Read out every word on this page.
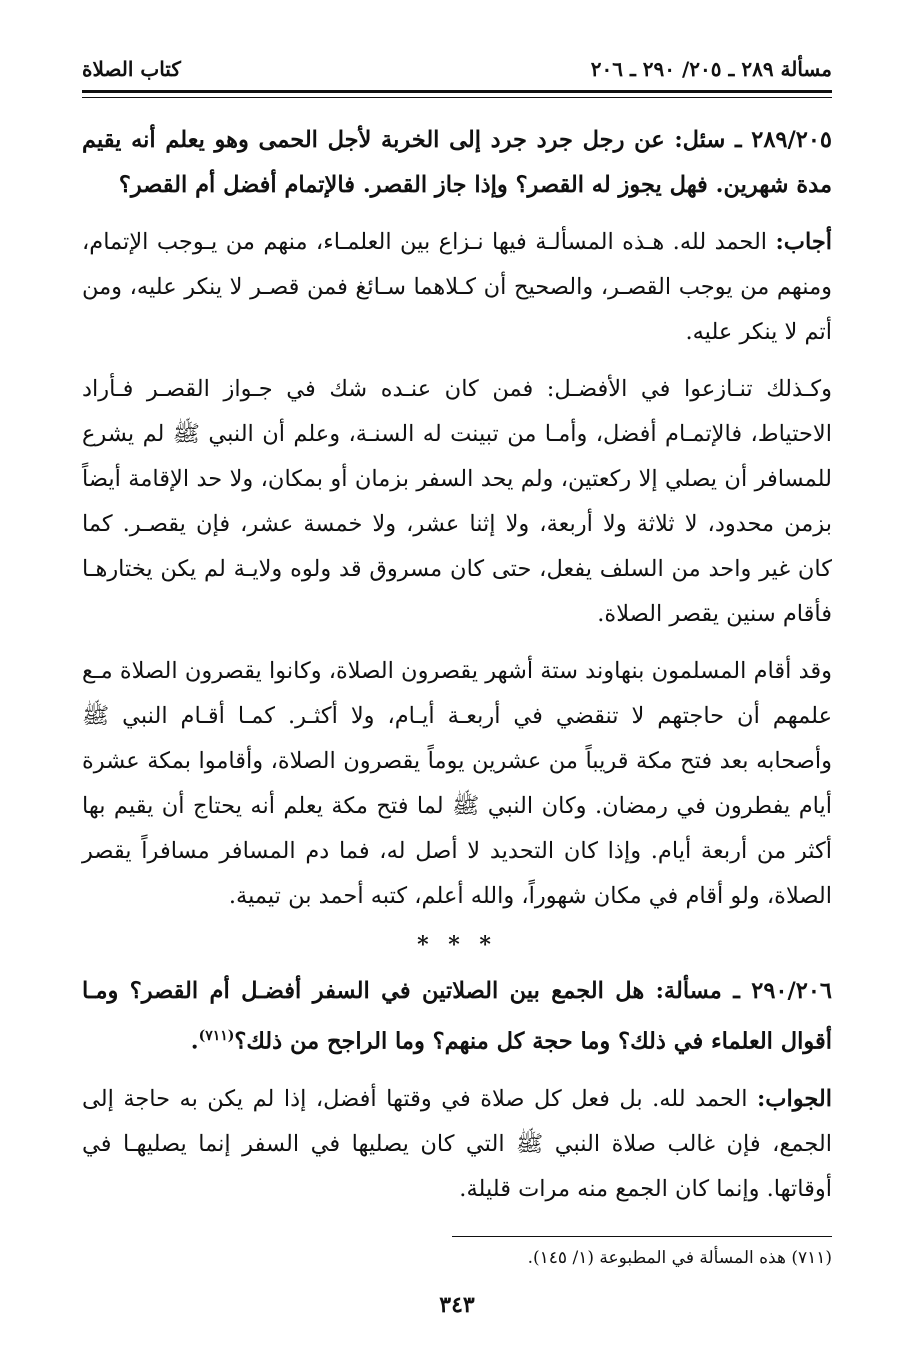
مسألة ٢٨٩ ـ ٢٠٥/ ٢٩٠ ـ ٢٠٦
كتاب الصلاة

٢٨٩/٢٠٥ ـ سئل: عن رجل جرد جرد إلى الخربة لأجل الحمى وهو يعلم أنه يقيم مدة شهرين. فهل يجوز له القصر؟ وإذا جاز القصر. فالإتمام أفضل أم القصر؟

أجاب: الحمد لله. هـذه المسألـة فيها نـزاع بين العلمـاء، منهم من يـوجب الإتمام، ومنهم من يوجب القصـر، والصحيح أن كـلاهما سـائغ فمن قصـر لا ينكر عليه، ومن أتم لا ينكر عليه.

وكـذلك تنـازعوا في الأفضـل: فمن كان عنـده شك في جـواز القصـر فـأراد الاحتياط، فالإتمـام أفضل، وأمـا من تبينت له السنـة، وعلم أن النبي ﷺ لم يشرع للمسافر أن يصلي إلا ركعتين، ولم يحد السفر بزمان أو بمكان، ولا حد الإقامة أيضاً بزمن محدود، لا ثلاثة ولا أربعة، ولا إثنا عشر، ولا خمسة عشر، فإن يقصـر. كما كان غير واحد من السلف يفعل، حتى كان مسروق قد ولوه ولايـة لم يكن يختارهـا فأقام سنين يقصر الصلاة.

وقد أقام المسلمون بنهاوند ستة أشهر يقصرون الصلاة، وكانوا يقصرون الصلاة مـع علمهم أن حاجتهم لا تنقضي في أربعـة أيـام، ولا أكثـر. كمـا أقـام النبي ﷺ وأصحابه بعد فتح مكة قريباً من عشرين يوماً يقصرون الصلاة، وأقاموا بمكة عشرة أيام يفطرون في رمضان. وكان النبي ﷺ لما فتح مكة يعلم أنه يحتاج أن يقيم بها أكثر من أربعة أيام. وإذا كان التحديد لا أصل له، فما دم المسافر مسافراً يقصر الصلاة، ولو أقام في مكان شهوراً، والله أعلم، كتبه أحمد بن تيمية.

* * *

٢٩٠/٢٠٦ ـ مسألة: هل الجمع بين الصلاتين في السفر أفضـل أم القصر؟ ومـا أقوال العلماء في ذلك؟ وما حجة كل منهم؟ وما الراجح من ذلك؟$^{(٧١١)}$.

الجواب: الحمد لله. بل فعل كل صلاة في وقتها أفضل، إذا لم يكن به حاجة إلى الجمع، فإن غالب صلاة النبي ﷺ التي كان يصليها في السفر إنما يصليهـا في أوقاتها. وإنما كان الجمع منه مرات قليلة.

(٧١١) هذه المسألة في المطبوعة (١/ ١٤٥).
٣٤٣
